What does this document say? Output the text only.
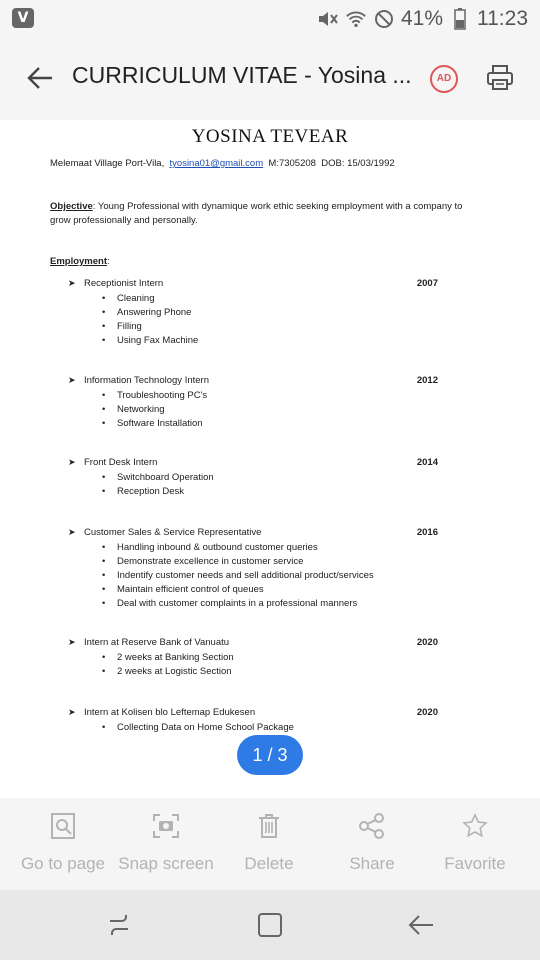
V	41% 11:23
CURRICULUM VITAE - Yosina ...	AD
YOSINA TEVEAR
Melemaat Village Port-Vila, tyosina01@gmail.com M:7305208 DOB: 15/03/1992
Objective: Young Professional with dynamique work ethic seeking employment with a company to grow professionally and personally.
Employment:
➤ Receptionist Intern	2007
• Cleaning
• Answering Phone
• Filling
• Using Fax Machine
➤ Information Technology Intern	2012
• Troubleshooting PC's
• Networking
• Software Installation
➤ Front Desk Intern	2014
• Switchboard Operation
• Reception Desk
➤ Customer Sales & Service Representative	2016
• Handling inbound & outbound customer queries
• Demonstrate excellence in customer service
• Indentify customer needs and sell additional product/services
• Maintain efficient control of queues
• Deal with customer complaints in a professional manners
➤ Intern at Reserve Bank of Vanuatu	2020
• 2 weeks at Banking Section
• 2 weeks at Logistic Section
➤ Intern at Kolisen blo Leftemap Edukesen	2020
• Collecting Data on Home School Package
1 / 3
Go to page Snap screen	Delete	Share	Favorite
